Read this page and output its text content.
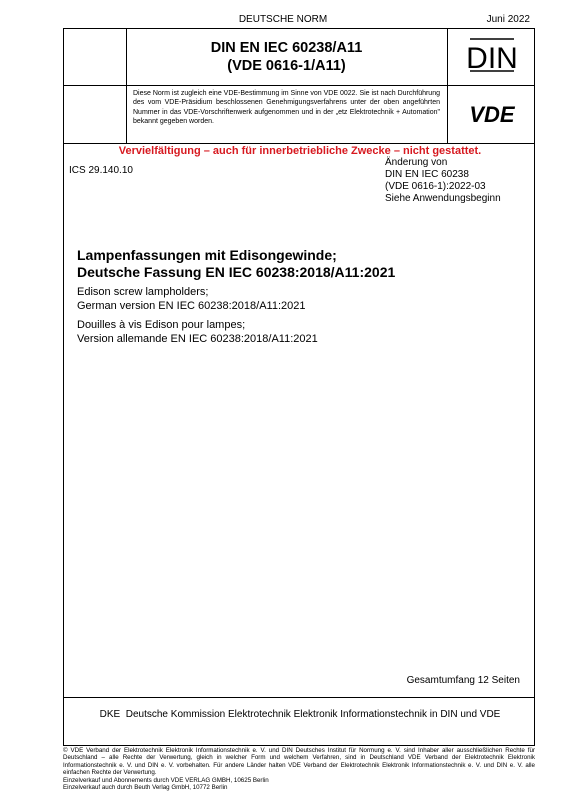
DEUTSCHE NORM	Juni 2022
DIN EN IEC 60238/A11
(VDE 0616-1/A11)	DIN
Diese Norm ist zugleich eine VDE-Bestimmung im Sinne von VDE 0022. Sie ist nach Durchführung des vom VDE-Präsidium beschlossenen Genehmigungsverfahrens unter der oben angeführten Nummer in das VDE-Vorschriftenwerk aufgenommen und in der „etz Elektrotechnik + Automation" bekannt gegeben worden.	VDE
Vervielfältigung – auch für innerbetriebliche Zwecke – nicht gestattet.
ICS 29.140.10
Änderung von
DIN EN IEC 60238
(VDE 0616-1):2022-03
Siehe Anwendungsbeginn
Lampenfassungen mit Edisongewinde;
Deutsche Fassung EN IEC 60238:2018/A11:2021
Edison screw lampholders;
German version EN IEC 60238:2018/A11:2021
Douilles à vis Edison pour lampes;
Version allemande EN IEC 60238:2018/A11:2021
Gesamtumfang 12 Seiten
DKE  Deutsche Kommission Elektrotechnik Elektronik Informationstechnik in DIN und VDE
© VDE Verband der Elektrotechnik Elektronik Informationstechnik e. V. und DIN Deutsches Institut für Normung e. V. sind Inhaber aller ausschließlichen Rechte für Deutschland – alle Rechte der Verwertung, gleich in welcher Form und welchem Verfahren, sind in Deutschland VDE Verband der Elektrotechnik Elektronik Informationstechnik e. V. und DIN e. V. vorbehalten. Für andere Länder halten VDE Verband der Elektrotechnik Elektronik Informationstechnik e. V. und DIN e. V. alle einfachen Rechte der Verwertung.
Einzelverkauf und Abonnements durch VDE VERLAG GMBH, 10625 Berlin
Einzelverkauf auch durch Beuth Verlag GmbH, 10772 Berlin
